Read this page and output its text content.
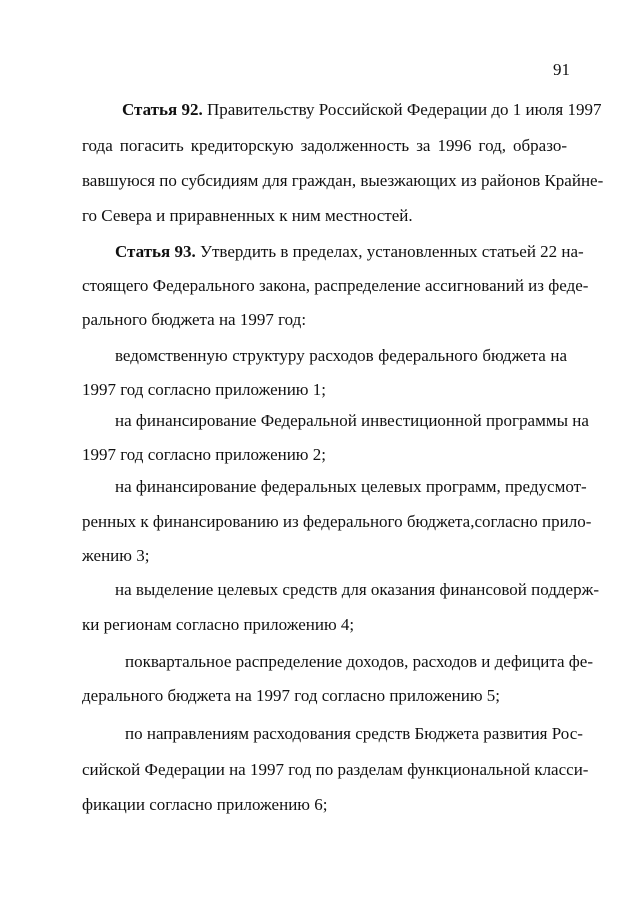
91
Статья 92. Правительству Российской Федерации до 1 июля 1997
года погасить кредиторскую задолженность за 1996 год, образо-
вавшуюся по субсидиям для граждан, выезжающих из районов Крайне-
го Севера и приравненных к ним местностей.
Статья 93. Утвердить в пределах, установленных статьей 22 на-
стоящего Федерального закона, распределение ассигнований из феде-
рального бюджета на 1997 год:
ведомственную структуру расходов федерального бюджета на
1997 год согласно приложению 1;
на финансирование Федеральной инвестиционной программы на
1997 год согласно приложению 2;
на финансирование федеральных целевых программ, предусмот-
ренных к финансированию из федерального бюджета,согласно прило-
жению 3;
на выделение целевых средств для оказания финансовой поддерж-
ки регионам согласно приложению 4;
поквартальное распределение доходов, расходов и дефицита фе-
дерального бюджета на 1997 год согласно приложению 5;
по направлениям расходования средств Бюджета развития Рос-
сийской Федерации на 1997 год по разделам функциональной класси-
фикации согласно приложению 6;
